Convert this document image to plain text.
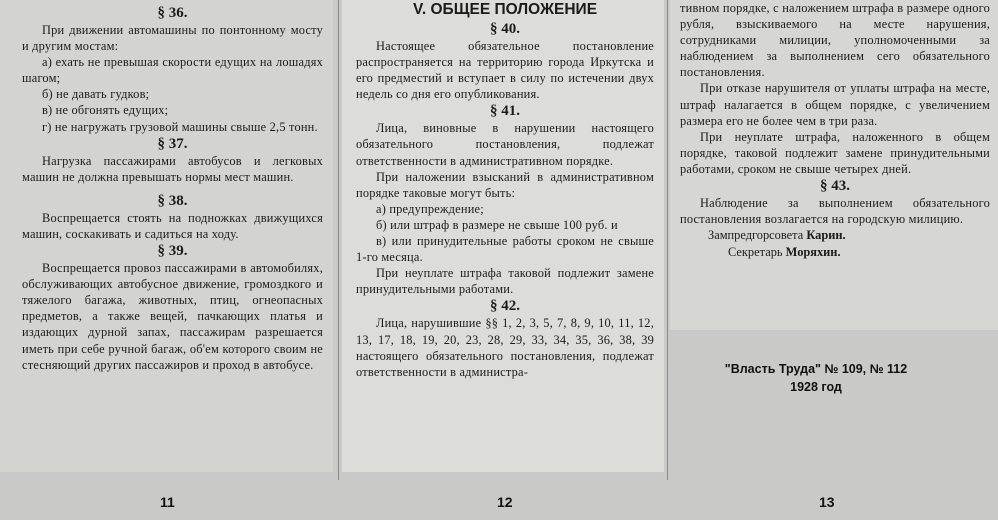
§ 36.

При движении автомашины по понтонному мосту и другим мостам:

а) ехать не превышая скорости едущих на лошадях шагом;

б) не давать гудков;

в) не обгонять едущих;

г) не нагружать грузовой машины свыше 2,5 тонн.

§ 37.

Нагрузка пассажирами автобусов и легковых машин не должна превышать нормы мест машин.

§ 38.

Воспрещается стоять на подножках движущихся машин, соскакивать и садиться на ходу.

§ 39.

Воспрещается провоз пассажирами в автомобилях, обслуживающих автобусное движение, громоздкого и тяжелого багажа, животных, птиц, огнеопасных предметов, а также вещей, пачкающих платья и издающих дурной запах, пассажирам разрешается иметь при себе ручной багаж, об'ем которого своим не стесняющий других пассажиров и проход в автобусе.

V. ОБЩЕЕ ПОЛОЖЕНИЕ
§ 40.

Настоящее обязательное постановление распространяется на территорию города Иркутска и его предместий и вступает в силу по истечении двух недель со дня его опубликования.

§ 41.

Лица, виновные в нарушении настоящего обязательного постановления, подлежат ответственности в административном порядке.

При наложении взысканий в административном порядке таковые могут быть:

а) предупреждение;

б) или штраф в размере не свыше 100 руб. и

в) или принудительные работы сроком не свыше 1-го месяца.

При неуплате штрафа таковой подлежит замене принудительными работами.

§ 42.

Лица, нарушившие §§ 1, 2, 3, 5, 7, 8, 9, 10, 11, 12, 13, 17, 18, 19, 20, 23, 28, 29, 33, 34, 35, 36, 38, 39 настоящего обязательного постановления, подлежат ответственности в администра-

тивном порядке, с наложением штрафа в размере одного рубля, взыскиваемого на месте нарушения, сотрудниками милиции, уполномоченными за наблюдением за выполнением сего обязательного постановления.

При отказе нарушителя от уплаты штрафа на месте, штраф налагается в общем порядке, с увеличением размера его не более чем в три раза.

При неуплате штрафа, наложенного в общем порядке, таковой подлежит замене принудительными работами, сроком не свыше четырех дней.

§ 43.

Наблюдение за выполнением обязательного постановления возлагается на городскую милицию.

Зампредгорсовета Карин.
Секретарь Моряхин.
"Власть Труда" № 109, № 112
1928 год
11	12	13
